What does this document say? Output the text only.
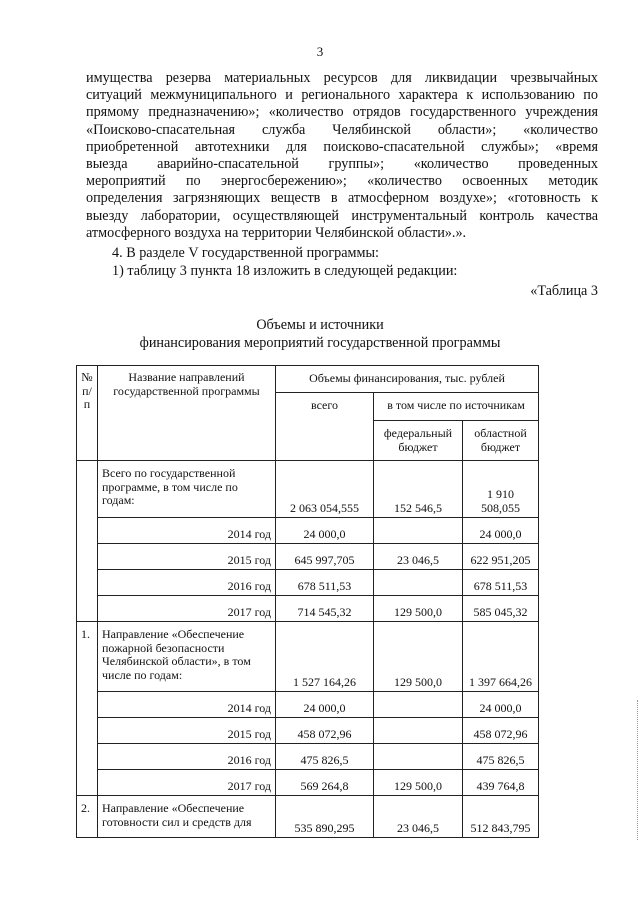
3
имущества резерва материальных ресурсов для ликвидации чрезвычайных
ситуаций межмуниципального и регионального характера к использованию по
прямому предназначению»; «количество отрядов государственного учреждения
«Поисково-спасательная служба Челябинской области»; «количество
приобретенной автотехники для поисково-спасательной службы»; «время
выезда аварийно-спасательной группы»; «количество проведенных
мероприятий по энергосбережению»; «количество освоенных методик
определения загрязняющих веществ в атмосферном воздухе»; «готовность к
выезду лаборатории, осуществляющей инструментальный контроль качества
атмосферного воздуха на территории Челябинской области».».
4. В разделе V государственной программы:
1) таблицу 3 пункта 18 изложить в следующей редакции:
«Таблица 3
Объемы и источники
финансирования мероприятий государственной программы
№ п/п	Название направлений государственной программы	Объемы финансирования, тыс. рублей		
		всего	в том числе по источникам	
			федеральный бюджет	областной бюджет
	Всего по государственной программе, в том числе по годам:	2 063 054,555	152 546,5	1 910 508,055
	2014 год	24 000,0		24 000,0
	2015 год	645 997,705	23 046,5	622 951,205
	2016 год	678 511,53		678 511,53
	2017 год	714 545,32	129 500,0	585 045,32
1.	Направление «Обеспечение пожарной безопасности Челябинской области», в том числе по годам:	1 527 164,26	129 500,0	1 397 664,26
	2014 год	24 000,0		24 000,0
	2015 год	458 072,96		458 072,96
	2016 год	475 826,5		475 826,5
	2017 год	569 264,8	129 500,0	439 764,8
2.	Направление «Обеспечение готовности сил и средств для	535 890,295	23 046,5	512 843,795
